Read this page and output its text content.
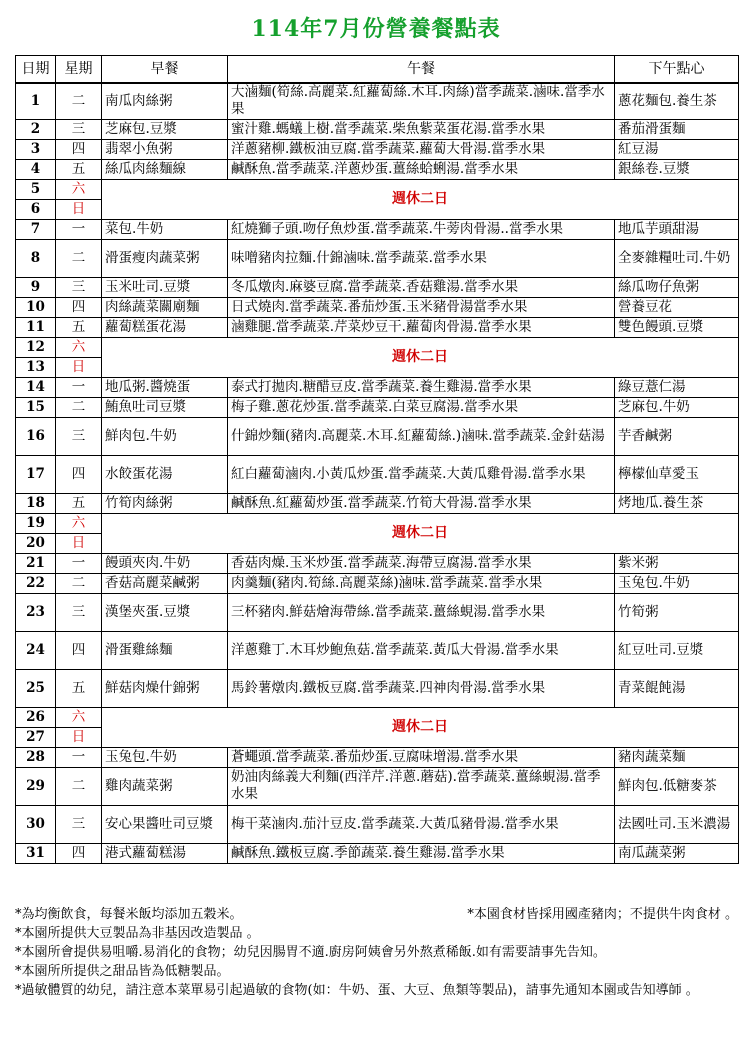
114年7月份營養餐點表
日期	星期	早餐	午餐	下午點心
1	二	南瓜肉絲粥	大滷麵(筍絲.高麗菜.紅蘿蔔絲.木耳.肉絲)當季蔬菜.滷味.當季水果	蔥花麵包.養生茶
2	三	芝麻包.豆漿	蜜汁雞.螞蟻上樹.當季蔬菜.柴魚紫菜蛋花湯.當季水果	番茄滑蛋麵
3	四	翡翠小魚粥	洋蔥豬柳.鐵板油豆腐.當季蔬菜.蘿蔔大骨湯.當季水果	紅豆湯
4	五	絲瓜肉絲麵線	鹹酥魚.當季蔬菜.洋蔥炒蛋.薑絲蛤蜊湯.當季水果	銀絲卷.豆漿
5	六	週休二日		
6	日			
7	一	菜包.牛奶	紅燒獅子頭.吻仔魚炒蛋.當季蔬菜.牛蒡肉骨湯..當季水果	地瓜芋頭甜湯
8	二	滑蛋瘦肉蔬菜粥	味噌豬肉拉麵.什錦滷味.當季蔬菜.當季水果	全麥雜糧吐司.牛奶
9	三	玉米吐司.豆漿	冬瓜燉肉.麻婆豆腐.當季蔬菜.香菇雞湯.當季水果	絲瓜吻仔魚粥
10	四	肉絲蔬菜關廟麵	日式燒肉.當季蔬菜.番茄炒蛋.玉米豬骨湯當季水果	營養豆花
11	五	蘿蔔糕蛋花湯	滷雞腿.當季蔬菜.芹菜炒豆干.蘿蔔肉骨湯.當季水果	雙色饅頭.豆漿
12	六	週休二日		
13	日			
14	一	地瓜粥.醬燒蛋	泰式打拋肉.糖醋豆皮.當季蔬菜.養生雞湯.當季水果	綠豆薏仁湯
15	二	鮪魚吐司豆漿	梅子雞.蔥花炒蛋.當季蔬菜.白菜豆腐湯.當季水果	芝麻包.牛奶
16	三	鮮肉包.牛奶	什錦炒麵(豬肉.高麗菜.木耳.紅蘿蔔絲.)滷味.當季蔬菜.金針菇湯	芋香鹹粥
17	四	水餃蛋花湯	紅白蘿蔔滷肉.小黃瓜炒蛋.當季蔬菜.大黃瓜雞骨湯.當季水果	檸檬仙草愛玉
18	五	竹筍肉絲粥	鹹酥魚.紅蘿蔔炒蛋.當季蔬菜.竹筍大骨湯.當季水果	烤地瓜.養生茶
19	六	週休二日		
20	日			
21	一	饅頭夾肉.牛奶	香菇肉燥.玉米炒蛋.當季蔬菜.海帶豆腐湯.當季水果	紫米粥
22	二	香菇高麗菜鹹粥	肉羹麵(豬肉.筍絲.高麗菜絲)滷味.當季蔬菜.當季水果	玉兔包.牛奶
23	三	漢堡夾蛋.豆漿	三杯豬肉.鮮菇燴海帶絲.當季蔬菜.薑絲蜆湯.當季水果	竹筍粥
24	四	滑蛋雞絲麵	洋蔥雞丁.木耳炒鮑魚菇.當季蔬菜.黃瓜大骨湯.當季水果	紅豆吐司.豆漿
25	五	鮮菇肉燥什錦粥	馬鈴薯燉肉.鐵板豆腐.當季蔬菜.四神肉骨湯.當季水果	青菜餛飩湯
26	六	週休二日		
27	日			
28	一	玉兔包.牛奶	蒼蠅頭.當季蔬菜.番茄炒蛋.豆腐味增湯.當季水果	豬肉蔬菜麵
29	二	雞肉蔬菜粥	奶油肉絲義大利麵(西洋芹.洋蔥.蘑菇).當季蔬菜.薑絲蜆湯.當季水果	鮮肉包.低糖麥茶
30	三	安心果醬吐司豆漿	梅干菜滷肉.茄汁豆皮.當季蔬菜.大黃瓜豬骨湯.當季水果	法國吐司.玉米濃湯
31	四	港式蘿蔔糕湯	鹹酥魚.鐵板豆腐.季節蔬菜.養生雞湯.當季水果	南瓜蔬菜粥
*為均衡飲食，每餐米飯均添加五穀米。	*本園食材皆採用國產豬肉；不提供牛肉食材 。
*本園所提供大豆製品為非基因改造製品 。
*本園所會提供易咀嚼.易消化的食物；幼兒因腸胃不適.廚房阿姨會另外熬煮稀飯.如有需要請事先告知。
*本園所所提供之甜品皆為低糖製品。
*過敏體質的幼兒，請注意本菜單易引起過敏的食物(如：牛奶、蛋、大豆、魚類等製品)，請事先通知本園或告知導師 。
